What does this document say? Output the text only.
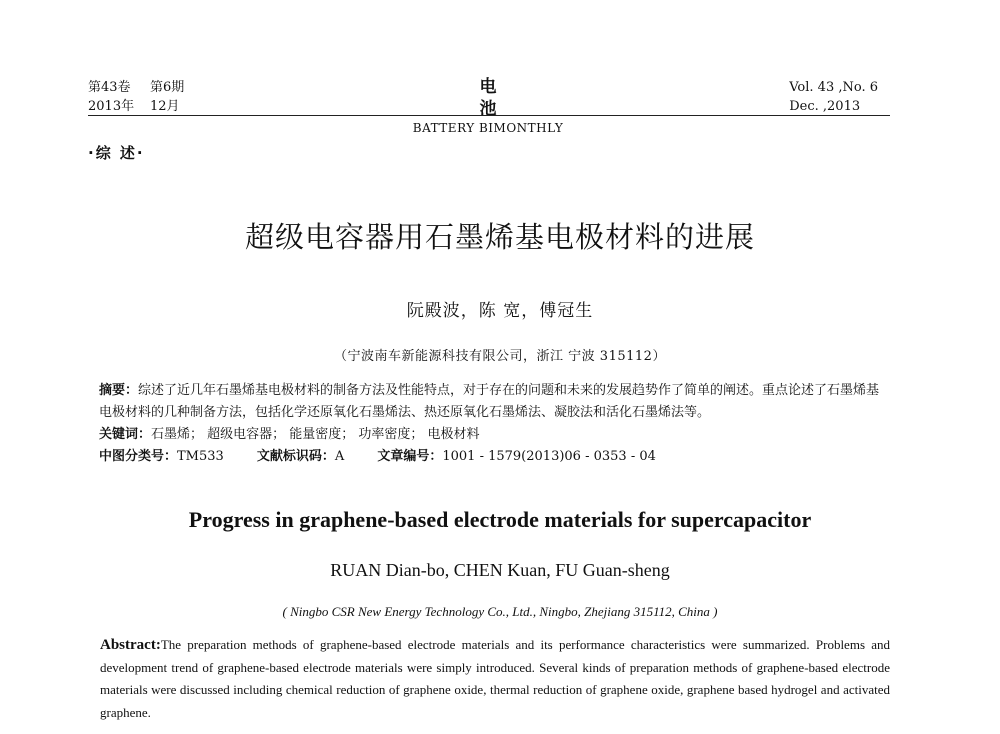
第43卷 第6期
2013年 12月
电池
BATTERY BIMONTHLY
Vol. 43 ,No. 6
Dec. ,2013
·综 述·
超级电容器用石墨烯基电极材料的进展
阮殿波，陈 宽，傅冠生
（宁波南车新能源科技有限公司，浙江 宁波 315112）

摘要：综述了近几年石墨烯基电极材料的制备方法及性能特点，对于存在的问题和未来的发展趋势作了简单的阐述。重点论述了石墨烯基电极材料的几种制备方法，包括化学还原氧化石墨烯法、热还原氧化石墨烯法、凝胶法和活化石墨烯法等。

关键词：石墨烯； 超级电容器； 能量密度； 功率密度； 电极材料

中图分类号：TM533	文献标识码：A	文章编号：1001 - 1579(2013)06 - 0353 - 04

Progress in graphene-based electrode materials for supercapacitor
RUAN Dian-bo, CHEN Kuan, FU Guan-sheng
( Ningbo CSR New Energy Technology Co., Ltd., Ningbo, Zhejiang 315112, China )

Abstract:The preparation methods of graphene-based electrode materials and its performance characteristics were summarized. Problems and development trend of graphene-based electrode materials were simply introduced. Several kinds of preparation methods of graphene-based electrode materials were discussed including chemical reduction of graphene oxide, thermal reduction of graphene oxide, graphene based hydrogel and activated graphene.
